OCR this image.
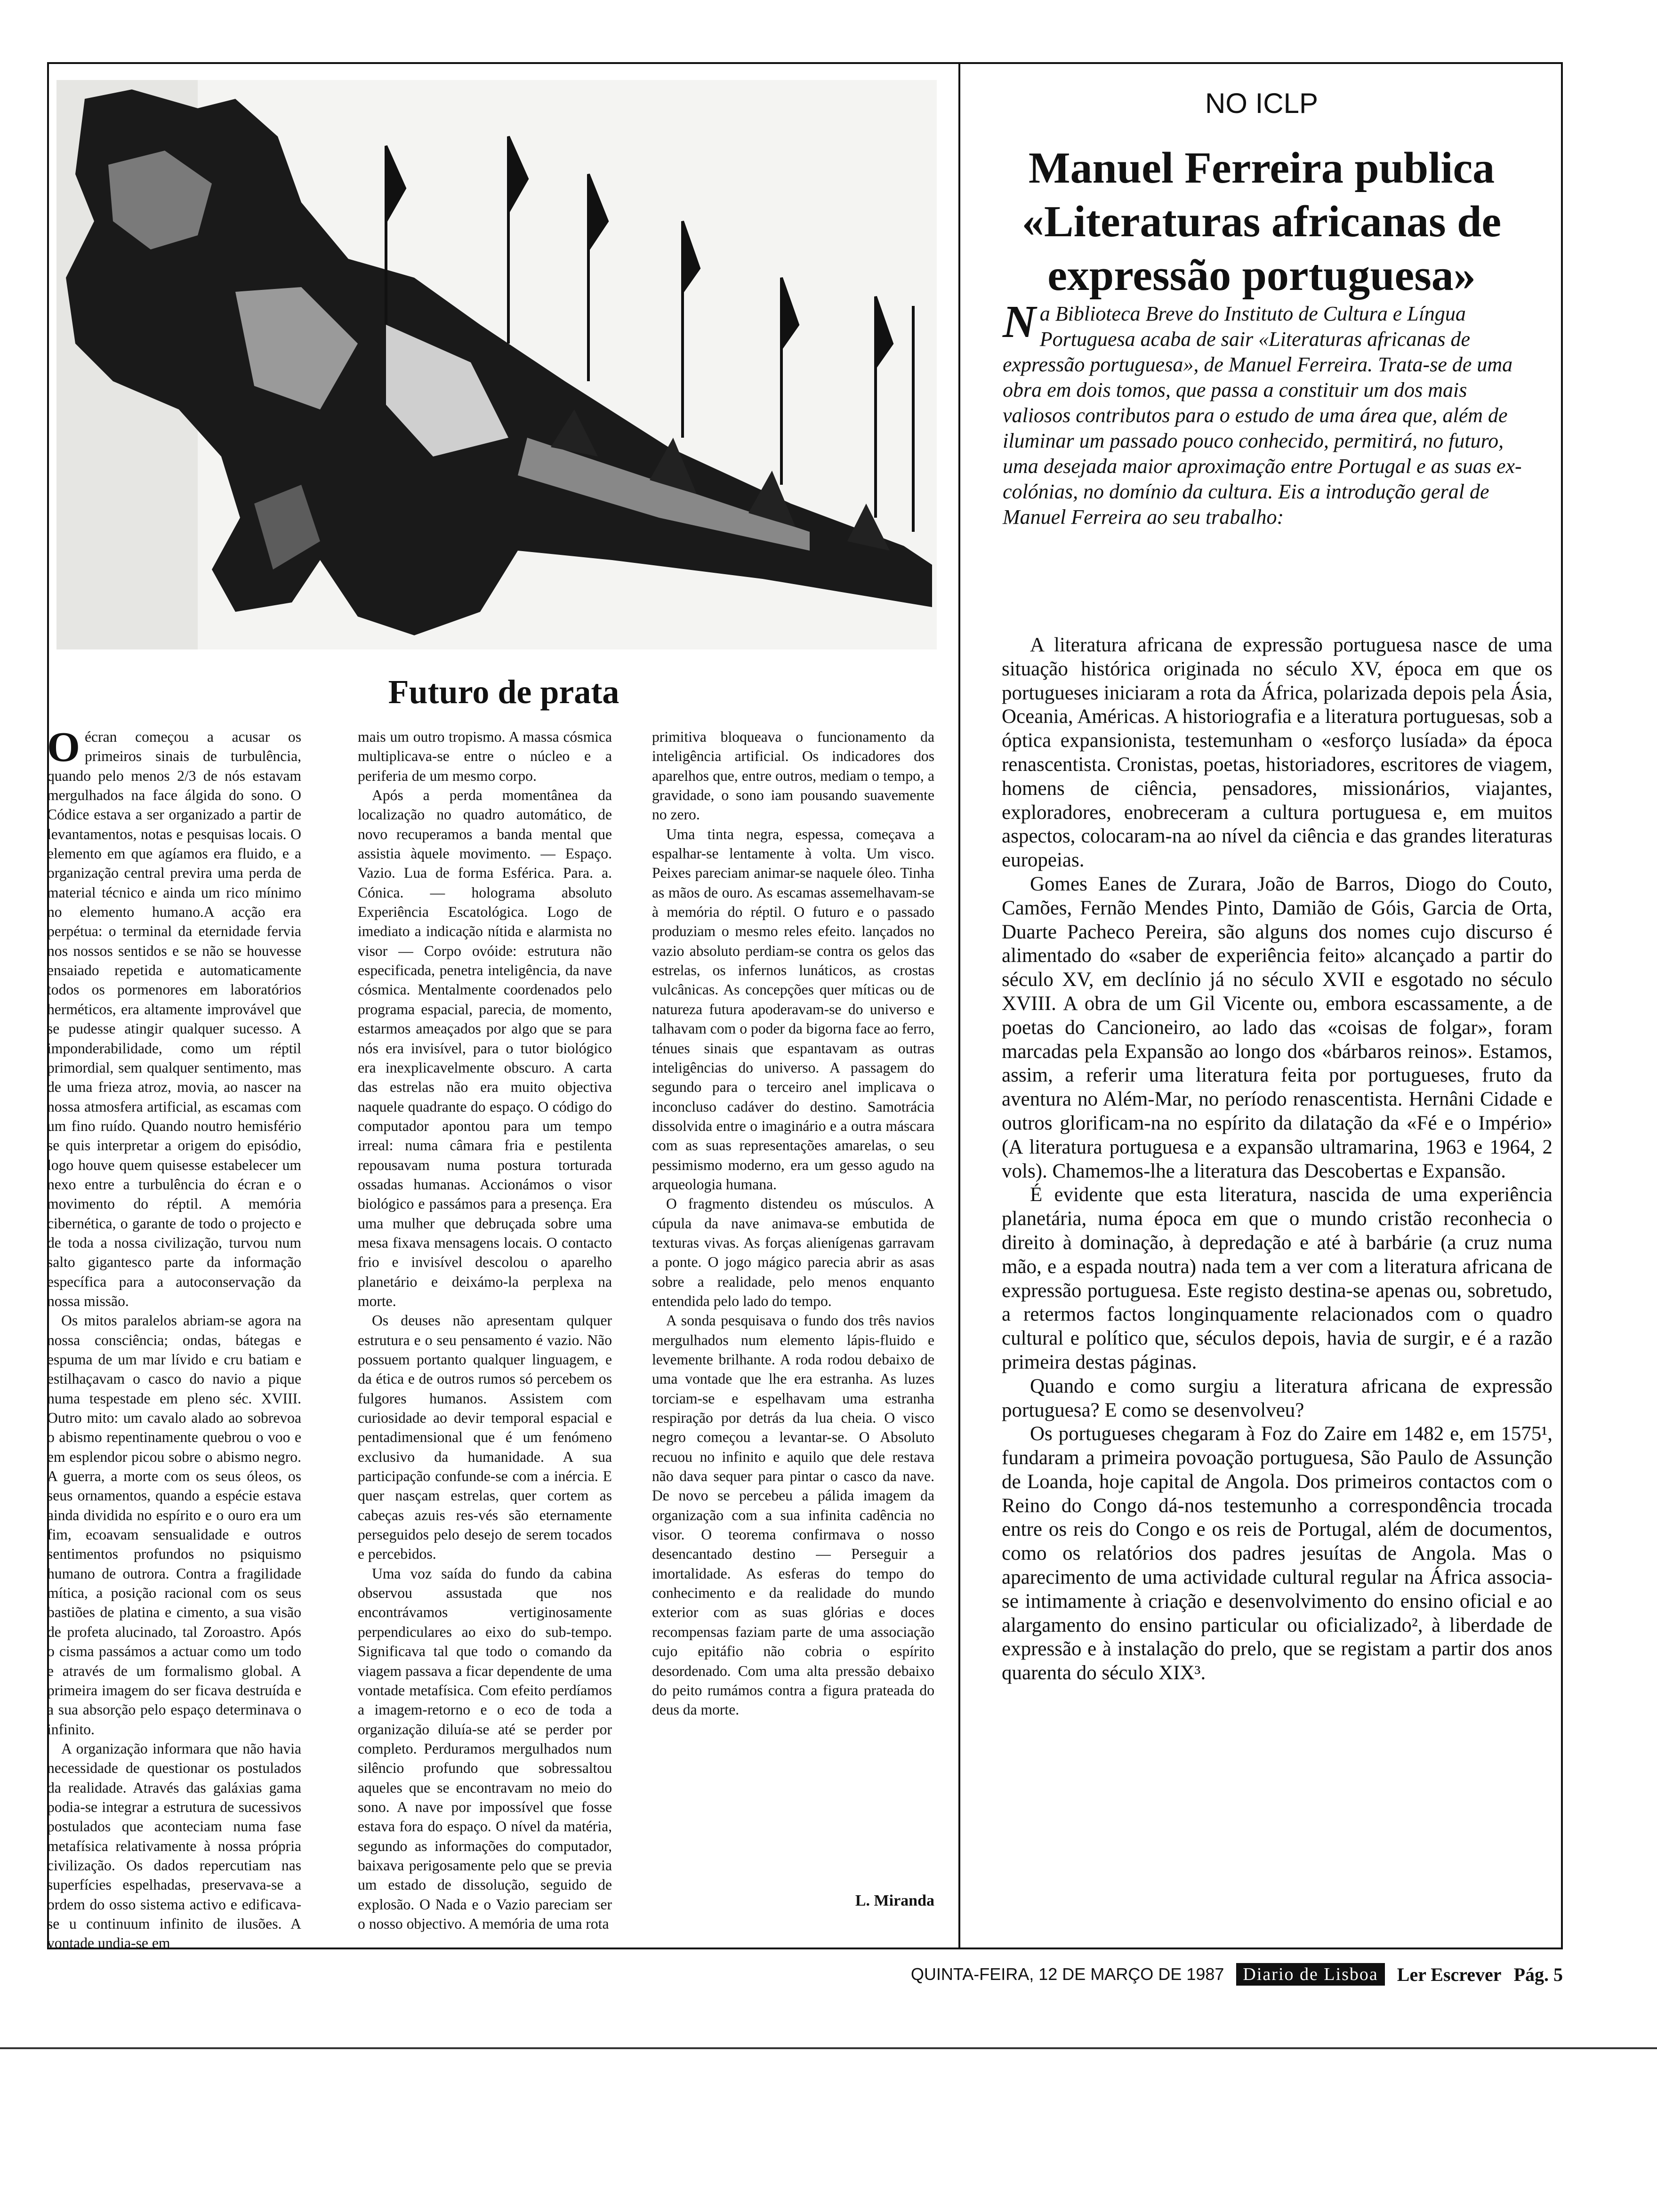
Futuro de prata
O écran começou a acusar os primeiros sinais de turbulência, quando pelo menos 2/3 de nós estavam mergulhados na face álgida do sono. O Códice estava a ser organizado a partir de levantamentos, notas e pesquisas locais. O elemento em que agíamos era fluido, e a organização central previra uma perda de material técnico e ainda um rico mínimo no elemento humano.A acção era perpétua: o terminal da eternidade fervia nos nossos sentidos e se não se houvesse ensaiado repetida e automaticamente todos os pormenores em laboratórios herméticos, era altamente improvável que se pudesse atingir qualquer sucesso. A imponderabilidade, como um réptil primordial, sem qualquer sentimento, mas de uma frieza atroz, movia, ao nascer na nossa atmosfera artificial, as escamas com um fino ruído. Quando noutro hemisfério se quis interpretar a origem do episódio, logo houve quem quisesse estabelecer um nexo entre a turbulência do écran e o movimento do réptil. A memória cibernética, o garante de todo o projecto e de toda a nossa civilização, turvou num salto gigantesco parte da informação específica para a autoconservação da nossa missão.

Os mitos paralelos abriam-se agora na nossa consciência; ondas, bátegas e espuma de um mar lívido e cru batiam e estilhaçavam o casco do navio a pique numa tespestade em pleno séc. XVIII. Outro mito: um cavalo alado ao sobrevoa o abismo repentinamente quebrou o voo e em esplendor picou sobre o abismo negro. A guerra, a morte com os seus óleos, os seus ornamentos, quando a espécie estava ainda dividida no espírito e o ouro era um fim, ecoavam sensualidade e outros sentimentos profundos no psiquismo humano de outrora. Contra a fragilidade mítica, a posição racional com os seus bastiões de platina e cimento, a sua visão de profeta alucinado, tal Zoroastro. Após o cisma passámos a actuar como um todo e através de um formalismo global. A primeira imagem do ser ficava destruída e a sua absorção pelo espaço determinava o infinito.

A organização informara que não havia necessidade de questionar os postulados da realidade. Através das galáxias gama podia-se integrar a estrutura de sucessivos postulados que aconteciam numa fase metafísica relativamente à nossa própria civilização. Os dados repercutiam nas superfícies espelhadas, preservava-se a ordem do osso sistema activo e edificava-se u continuum infinito de ilusões. A vontade undia-se em

mais um outro tropismo. A massa cósmica multiplicava-se entre o núcleo e a periferia de um mesmo corpo.

Após a perda momentânea da localização no quadro automático, de novo recuperamos a banda mental que assistia àquele movimento. — Espaço. Vazio. Lua de forma Esférica. Para. a. Cónica. — holograma absoluto Experiência Escatológica. Logo de imediato a indicação nítida e alarmista no visor — Corpo ovóide: estrutura não especificada, penetra inteligência, da nave cósmica. Mentalmente coordenados pelo programa espacial, parecia, de momento, estarmos ameaçados por algo que se para nós era invisível, para o tutor biológico era inexplicavelmente obscuro. A carta das estrelas não era muito objectiva naquele quadrante do espaço. O código do computador apontou para um tempo irreal: numa câmara fria e pestilenta repousavam numa postura torturada ossadas humanas. Accionámos o visor biológico e passámos para a presença. Era uma mulher que debruçada sobre uma mesa fixava mensagens locais. O contacto frio e invisível descolou o aparelho planetário e deixámo-la perplexa na morte.

Os deuses não apresentam qulquer estrutura e o seu pensamento é vazio. Não possuem portanto qualquer linguagem, e da ética e de outros rumos só percebem os fulgores humanos. Assistem com curiosidade ao devir temporal espacial e pentadimensional que é um fenómeno exclusivo da humanidade. A sua participação confunde-se com a inércia. E quer nasçam estrelas, quer cortem as cabeças azuis res-vés são eternamente perseguidos pelo desejo de serem tocados e percebidos.

Uma voz saída do fundo da cabina observou assustada que nos encontrávamos vertiginosamente perpendiculares ao eixo do sub-tempo. Significava tal que todo o comando da viagem passava a ficar dependente de uma vontade metafísica. Com efeito perdíamos a imagem-retorno e o eco de toda a organização diluía-se até se perder por completo. Perduramos mergulhados num silêncio profundo que sobressaltou aqueles que se encontravam no meio do sono. A nave por impossível que fosse estava fora do espaço. O nível da matéria, segundo as informações do computador, baixava perigosamente pelo que se previa um estado de dissolução, seguido de explosão. O Nada e o Vazio pareciam ser o nosso objectivo. A memória de uma rota

primitiva bloqueava o funcionamento da inteligência artificial. Os indicadores dos aparelhos que, entre outros, mediam o tempo, a gravidade, o sono iam pousando suavemente no zero.

Uma tinta negra, espessa, começava a espalhar-se lentamente à volta. Um visco. Peixes pareciam animar-se naquele óleo. Tinha as mãos de ouro. As escamas assemelhavam-se à memória do réptil. O futuro e o passado produziam o mesmo reles efeito. lançados no vazio absoluto perdiam-se contra os gelos das estrelas, os infernos lunáticos, as crostas vulcânicas. As concepções quer míticas ou de natureza futura apoderavam-se do universo e talhavam com o poder da bigorna face ao ferro, ténues sinais que espantavam as outras inteligências do universo. A passagem do segundo para o terceiro anel implicava o inconcluso cadáver do destino. Samotrácia dissolvida entre o imaginário e a outra máscara com as suas representações amarelas, o seu pessimismo moderno, era um gesso agudo na arqueologia humana.

O fragmento distendeu os músculos. A cúpula da nave animava-se embutida de texturas vivas. As forças alienígenas garravam a ponte. O jogo mágico parecia abrir as asas sobre a realidade, pelo menos enquanto entendida pelo lado do tempo.

A sonda pesquisava o fundo dos três navios mergulhados num elemento lápis-fluido e levemente brilhante. A roda rodou debaixo de uma vontade que lhe era estranha. As luzes torciam-se e espelhavam uma estranha respiração por detrás da lua cheia. O visco negro começou a levantar-se. O Absoluto recuou no infinito e aquilo que dele restava não dava sequer para pintar o casco da nave. De novo se percebeu a pálida imagem da organização com a sua infinita cadência no visor. O teorema confirmava o nosso desencantado destino — Perseguir a imortalidade. As esferas do tempo do conhecimento e da realidade do mundo exterior com as suas glórias e doces recompensas faziam parte de uma associação cujo epitáfio não cobria o espírito desordenado. Com uma alta pressão debaixo do peito rumámos contra a figura prateada do deus da morte.

L. Miranda
NO ICLP
Manuel Ferreira publica «Literaturas africanas de expressão portuguesa»
N a Biblioteca Breve do Instituto de Cultura e Língua Portuguesa acaba de sair «Literaturas africanas de expressão portuguesa», de Manuel Ferreira. Trata-se de uma obra em dois tomos, que passa a constituir um dos mais valiosos contributos para o estudo de uma área que, além de iluminar um passado pouco conhecido, permitirá, no futuro, uma desejada maior aproximação entre Portugal e as suas ex-colónias, no domínio da cultura. Eis a introdução geral de Manuel Ferreira ao seu trabalho:

A literatura africana de expressão portuguesa nasce de uma situação histórica originada no século XV, época em que os portugueses iniciaram a rota da África, polarizada depois pela Ásia, Oceania, Américas. A historiografia e a literatura portuguesas, sob a óptica expansionista, testemunham o «esforço lusíada» da época renascentista. Cronistas, poetas, historiadores, escritores de viagem, homens de ciência, pensadores, missionários, viajantes, exploradores, enobreceram a cultura portuguesa e, em muitos aspectos, colocaram-na ao nível da ciência e das grandes literaturas europeias.

Gomes Eanes de Zurara, João de Barros, Diogo do Couto, Camões, Fernão Mendes Pinto, Damião de Góis, Garcia de Orta, Duarte Pacheco Pereira, são alguns dos nomes cujo discurso é alimentado do «saber de experiência feito» alcançado a partir do século XV, em declínio já no século XVII e esgotado no século XVIII. A obra de um Gil Vicente ou, embora escassamente, a de poetas do Cancioneiro, ao lado das «coisas de folgar», foram marcadas pela Expansão ao longo dos «bárbaros reinos». Estamos, assim, a referir uma literatura feita por portugueses, fruto da aventura no Além-Mar, no período renascentista. Hernâni Cidade e outros glorificam-na no espírito da dilatação da «Fé e o Império» (A literatura portuguesa e a expansão ultramarina, 1963 e 1964, 2 vols). Chamemos-lhe a literatura das Descobertas e Expansão.

É evidente que esta literatura, nascida de uma experiência planetária, numa época em que o mundo cristão reconhecia o direito à dominação, à depredação e até à barbárie (a cruz numa mão, e a espada noutra) nada tem a ver com a literatura africana de expressão portuguesa. Este registo destina-se apenas ou, sobretudo, a retermos factos longinquamente relacionados com o quadro cultural e político que, séculos depois, havia de surgir, e é a razão primeira destas páginas.

Quando e como surgiu a literatura africana de expressão portuguesa? E como se desenvolveu?

Os portugueses chegaram à Foz do Zaire em 1482 e, em 1575¹, fundaram a primeira povoação portuguesa, São Paulo de Assunção de Loanda, hoje capital de Angola. Dos primeiros contactos com o Reino do Congo dá-nos testemunho a correspondência trocada entre os reis do Congo e os reis de Portugal, além de documentos, como os relatórios dos padres jesuítas de Angola. Mas o aparecimento de uma actividade cultural regular na África associa-se intimamente à criação e desenvolvimento do ensino oficial e ao alargamento do ensino particular ou oficializado², à liberdade de expressão e à instalação do prelo, que se registam a partir dos anos quarenta do século XIX³.

QUINTA-FEIRA, 12 DE MARÇO DE 1987	Diario de Lisboa	Ler Escrever Pág. 5
